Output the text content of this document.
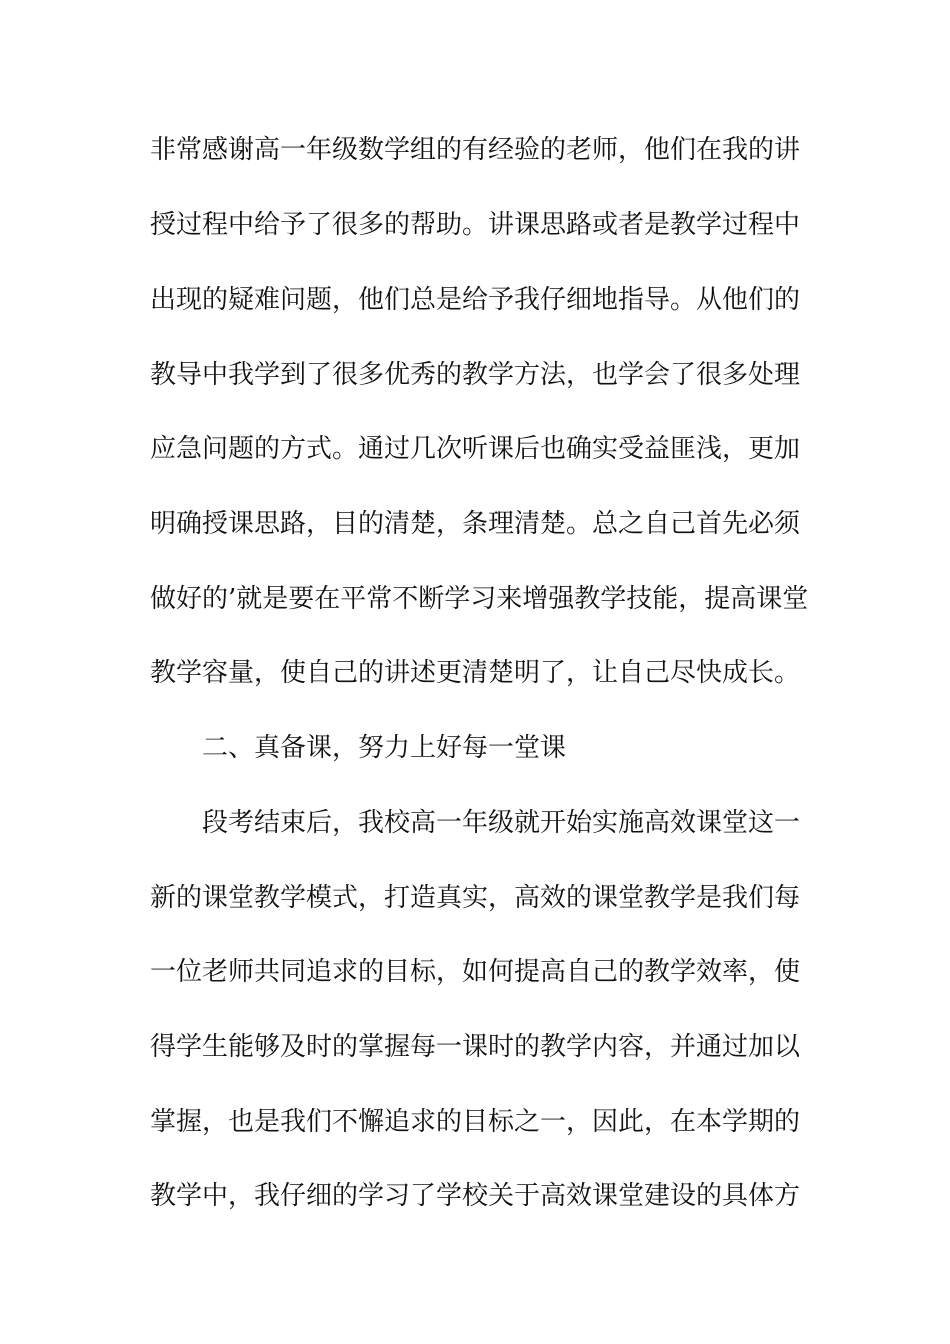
非常感谢高一年级数学组的有经验的老师，他们在我的讲
授过程中给予了很多的帮助。讲课思路或者是教学过程中
出现的疑难问题，他们总是给予我仔细地指导。从他们的
教导中我学到了很多优秀的教学方法，也学会了很多处理
应急问题的方式。通过几次听课后也确实受益匪浅，更加
明确授课思路，目的清楚，条理清楚。总之自己首先必须
做好的’就是要在平常不断学习来增强教学技能，提高课堂
教学容量，使自己的讲述更清楚明了，让自己尽快成长。
二、真备课，努力上好每一堂课
段考结束后，我校高一年级就开始实施高效课堂这一
新的课堂教学模式，打造真实，高效的课堂教学是我们每
一位老师共同追求的目标，如何提高自己的教学效率，使
得学生能够及时的掌握每一课时的教学内容，并通过加以
掌握，也是我们不懈追求的目标之一，因此，在本学期的
教学中，我仔细的学习了学校关于高效课堂建设的具体方
